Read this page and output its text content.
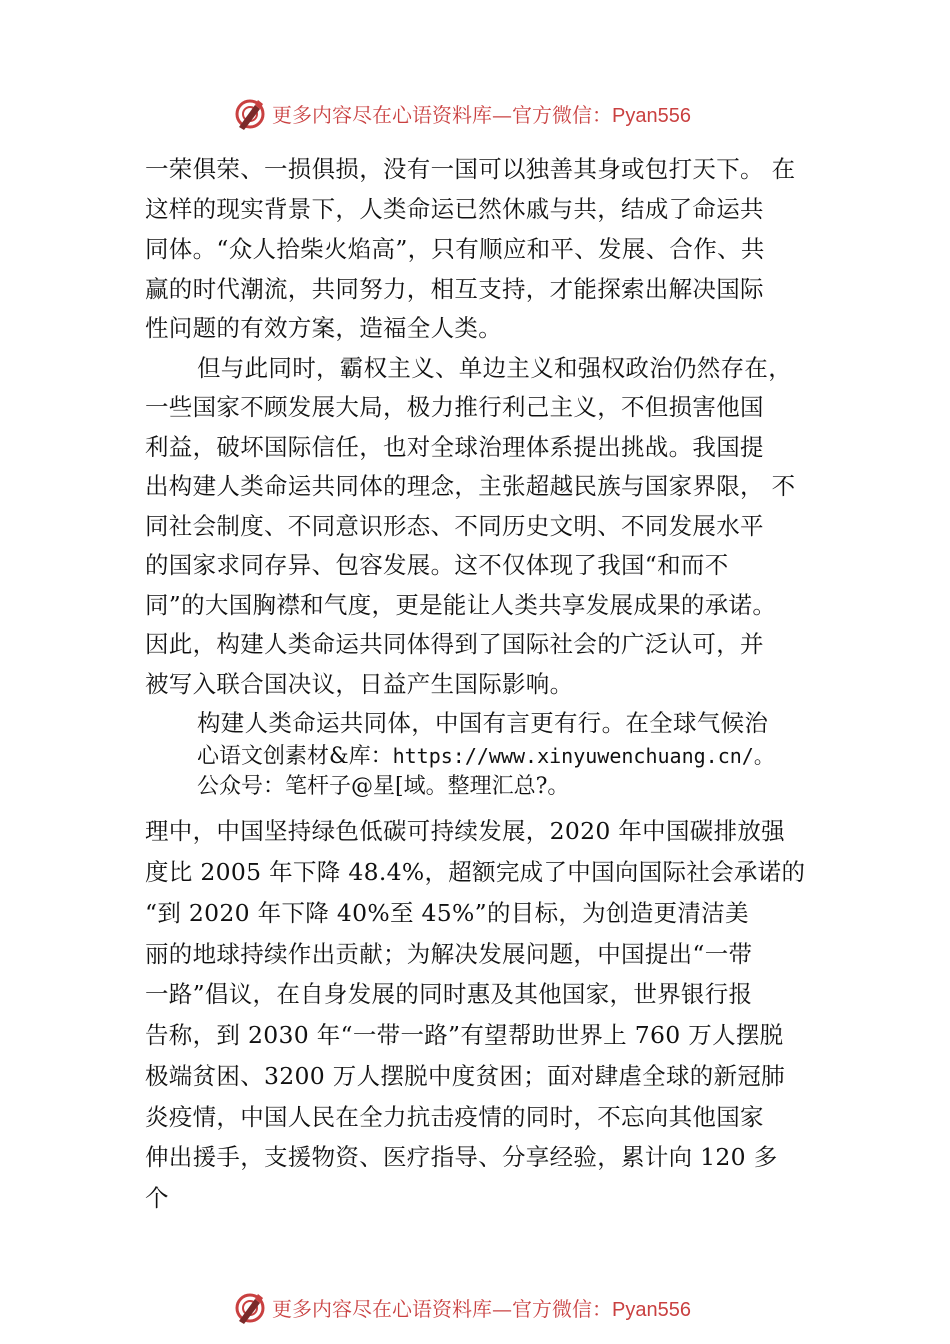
更多内容尽在心语资料库—官方微信：Pyan556
一荣俱荣、一损俱损，没有一国可以独善其身或包打天下。 在
这样的现实背景下，人类命运已然休戚与共，结成了命运共
同体。“众人拾柴火焰高”，只有顺应和平、发展、合作、共
赢的时代潮流，共同努力，相互支持，才能探索出解决国际
性问题的有效方案，造福全人类。
但与此同时，霸权主义、单边主义和强权政治仍然存在，
一些国家不顾发展大局，极力推行利己主义，不但损害他国
利益，破坏国际信任，也对全球治理体系提出挑战。我国提
出构建人类命运共同体的理念，主张超越民族与国家界限， 不
同社会制度、不同意识形态、不同历史文明、不同发展水平
的国家求同存异、包容发展。这不仅体现了我国“和而不
同”的大国胸襟和气度，更是能让人类共享发展成果的承诺。
因此，构建人类命运共同体得到了国际社会的广泛认可，并
被写入联合国决议，日益产生国际影响。
构建人类命运共同体，中国有言更有行。在全球气候治
心语文创素材&库：https://www.xinyuwenchuang.cn/。
公众号：笔杆子@星[域。整理汇总?。
理中，中国坚持绿色低碳可持续发展，2020 年中国碳排放强
度比 2005 年下降 48.4%，超额完成了中国向国际社会承诺的
“到 2020 年下降 40%至 45%”的目标，为创造更清洁美
丽的地球持续作出贡献；为解决发展问题，中国提出“一带
一路”倡议，在自身发展的同时惠及其他国家，世界银行报
告称，到 2030 年“一带一路”有望帮助世界上 760 万人摆脱
极端贫困、3200 万人摆脱中度贫困；面对肆虐全球的新冠肺
炎疫情，中国人民在全力抗击疫情的同时，不忘向其他国家
伸出援手，支援物资、医疗指导、分享经验，累计向 120 多
个
更多内容尽在心语资料库—官方微信：Pyan556
